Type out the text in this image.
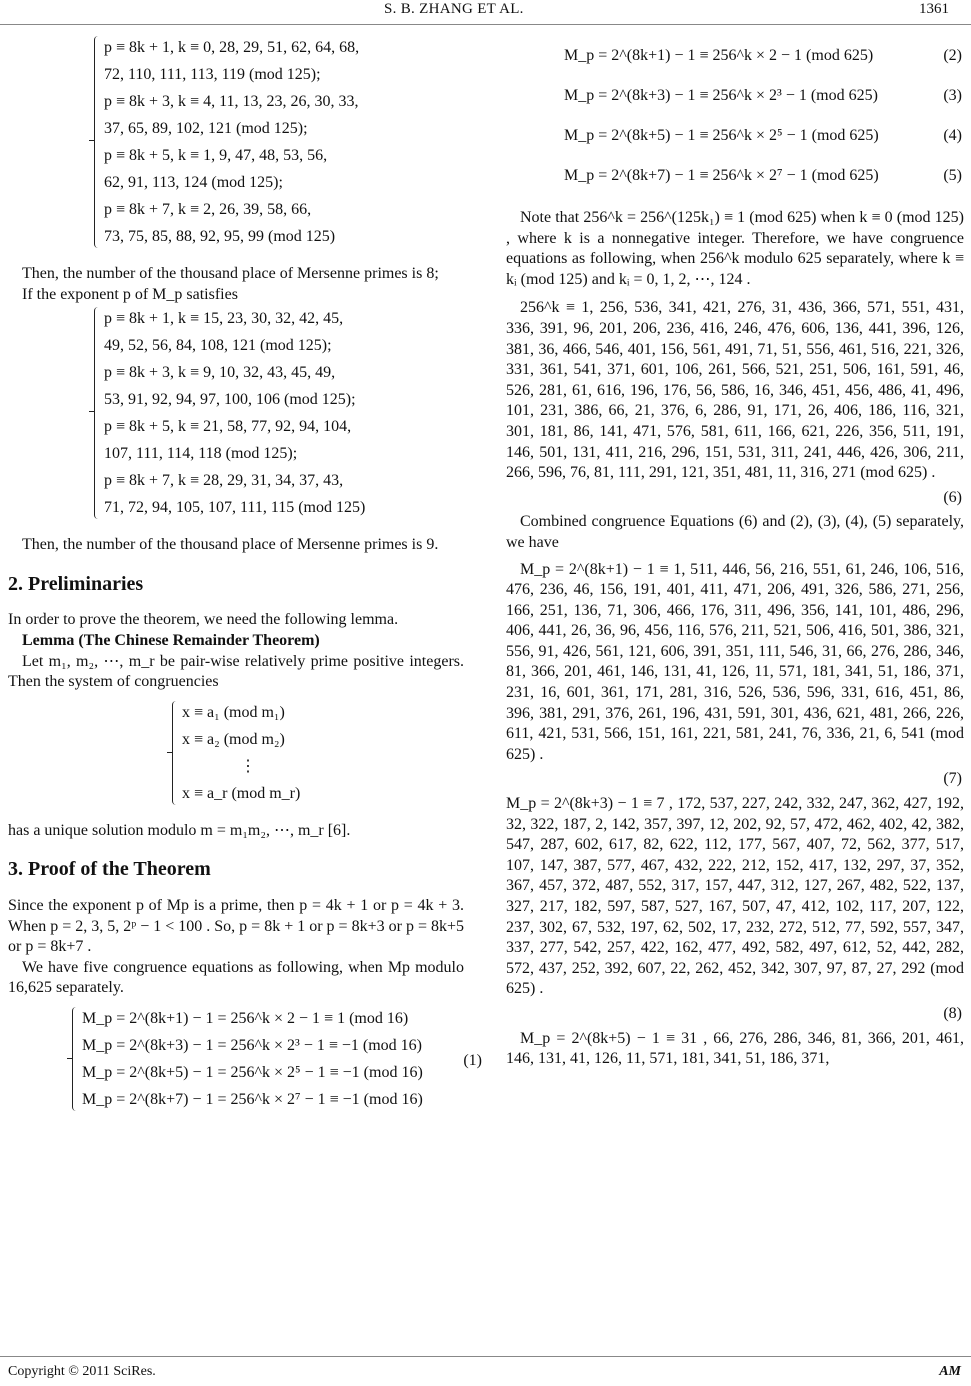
S. B. ZHANG ET AL.	1361
p ≡ 8k + 1, k ≡ 0, 28, 29, 51, 62, 64, 68,
72, 110, 111, 113, 119 (mod 125);
p ≡ 8k + 3, k ≡ 4, 11, 13, 23, 26, 30, 33,
37, 65, 89, 102, 121 (mod 125);
p ≡ 8k + 5, k ≡ 1, 9, 47, 48, 53, 56,
62, 91, 113, 124 (mod 125);
p ≡ 8k + 7, k ≡ 2, 26, 39, 58, 66,
73, 75, 85, 88, 92, 95, 99 (mod 125)

Then, the number of the thousand place of Mersenne primes is 8;

If the exponent p of M_p satisfies

p ≡ 8k + 1, k ≡ 15, 23, 30, 32, 42, 45,
49, 52, 56, 84, 108, 121 (mod 125);
p ≡ 8k + 3, k ≡ 9, 10, 32, 43, 45, 49,
53, 91, 92, 94, 97, 100, 106 (mod 125);
p ≡ 8k + 5, k ≡ 21, 58, 77, 92, 94, 104,
107, 111, 114, 118 (mod 125);
p ≡ 8k + 7, k ≡ 28, 29, 31, 34, 37, 43,
71, 72, 94, 105, 107, 111, 115 (mod 125)

Then, the number of the thousand place of Mersenne primes is 9.

2. Preliminaries

In order to prove the theorem, we need the following lemma.

Lemma (The Chinese Remainder Theorem)

Let m₁, m₂, ⋯, m_r be pair-wise relatively prime positive integers. Then the system of congruencies

x ≡ a₁ (mod m₁)
x ≡ a₂ (mod m₂)
⋮
x ≡ a_r (mod m_r)

has a unique solution modulo m = m₁m₂, ⋯, m_r [6].

3. Proof of the Theorem

Since the exponent p of Mp is a prime, then p = 4k + 1 or p = 4k + 3. When p = 2, 3, 5, 2ᵖ − 1 < 100 . So, p = 8k + 1 or p = 8k+3 or p = 8k+5 or p = 8k+7 .

We have five congruence equations as following, when Mp modulo 16,625 separately.

M_p = 2^(8k+1) − 1 = 256^k × 2 − 1 ≡ 1 (mod 16)
M_p = 2^(8k+3) − 1 = 256^k × 2³ − 1 ≡ −1 (mod 16)
M_p = 2^(8k+5) − 1 = 256^k × 2⁵ − 1 ≡ −1 (mod 16)
M_p = 2^(8k+7) − 1 = 256^k × 2⁷ − 1 ≡ −1 (mod 16)
(1)
M_p = 2^(8k+1) − 1 ≡ 256^k × 2 − 1 (mod 625)	(2)
M_p = 2^(8k+3) − 1 ≡ 256^k × 2³ − 1 (mod 625)	(3)
M_p = 2^(8k+5) − 1 ≡ 256^k × 2⁵ − 1 (mod 625)	(4)
M_p = 2^(8k+7) − 1 ≡ 256^k × 2⁷ − 1 (mod 625)	(5)

Note that 256^k = 256^(125k₁) ≡ 1 (mod 625) when k ≡ 0 (mod 125) , where k is a nonnegative integer. Therefore, we have congruence equations as following, when 256^k modulo 625 separately, where k ≡ kᵢ (mod 125) and kᵢ = 0, 1, 2, ⋯, 124 .

256^k ≡ 1, 256, 536, 341, 421, 276, 31, 436, 366, 571, 551, 431, 336, 391, 96, 201, 206, 236, 416, 246, 476, 606, 136, 441, 396, 126, 381, 36, 466, 546, 401, 156, 561, 491, 71, 51, 556, 461, 516, 221, 326, 331, 361, 541, 371, 601, 106, 261, 566, 521, 251, 506, 161, 591, 46, 526, 281, 61, 616, 196, 176, 56, 586, 16, 346, 451, 456, 486, 41, 496, 101, 231, 386, 66, 21, 376, 6, 286, 91, 171, 26, 406, 186, 116, 321, 301, 181, 86, 141, 471, 576, 581, 611, 166, 621, 226, 356, 511, 191, 146, 501, 131, 411, 216, 296, 151, 531, 311, 241, 446, 426, 306, 211, 266, 596, 76, 81, 111, 291, 121, 351, 481, 11, 316, 271 (mod 625) .

(6)

Combined congruence Equations (6) and (2), (3), (4), (5) separately, we have

M_p = 2^(8k+1) − 1 ≡ 1, 511, 446, 56, 216, 551, 61, 246, 106, 516, 476, 236, 46, 156, 191, 401, 411, 471, 206, 491, 326, 586, 271, 256, 166, 251, 136, 71, 306, 466, 176, 311, 496, 356, 141, 101, 486, 296, 406, 441, 26, 36, 96, 456, 116, 576, 211, 521, 506, 416, 501, 386, 321, 556, 91, 426, 561, 121, 606, 391, 351, 111, 546, 31, 66, 276, 286, 346, 81, 366, 201, 461, 146, 131, 41, 126, 11, 571, 181, 341, 51, 186, 371, 231, 16, 601, 361, 171, 281, 316, 526, 536, 596, 331, 616, 451, 86, 396, 381, 291, 376, 261, 196, 431, 591, 301, 436, 621, 481, 266, 226, 611, 421, 531, 566, 151, 161, 221, 581, 241, 76, 336, 21, 6, 541 (mod 625) .

(7)

M_p = 2^(8k+3) − 1 ≡ 7 , 172, 537, 227, 242, 332, 247, 362, 427, 192, 32, 322, 187, 2, 142, 357, 397, 12, 202, 92, 57, 472, 462, 402, 42, 382, 547, 287, 602, 617, 82, 622, 112, 177, 567, 407, 72, 562, 377, 517, 107, 147, 387, 577, 467, 432, 222, 212, 152, 417, 132, 297, 37, 352, 367, 457, 372, 487, 552, 317, 157, 447, 312, 127, 267, 482, 522, 137, 327, 217, 182, 597, 587, 527, 167, 507, 47, 412, 102, 117, 207, 122, 237, 302, 67, 532, 197, 62, 502, 17, 232, 272, 512, 77, 592, 557, 347, 337, 277, 542, 257, 422, 162, 477, 492, 582, 497, 612, 52, 442, 282, 572, 437, 252, 392, 607, 22, 262, 452, 342, 307, 97, 87, 27, 292 (mod 625) .

(8)

M_p = 2^(8k+5) − 1 ≡ 31 , 66, 276, 286, 346, 81, 366, 201, 461, 146, 131, 41, 126, 11, 571, 181, 341, 51, 186, 371,

Copyright © 2011 SciRes.	AM
